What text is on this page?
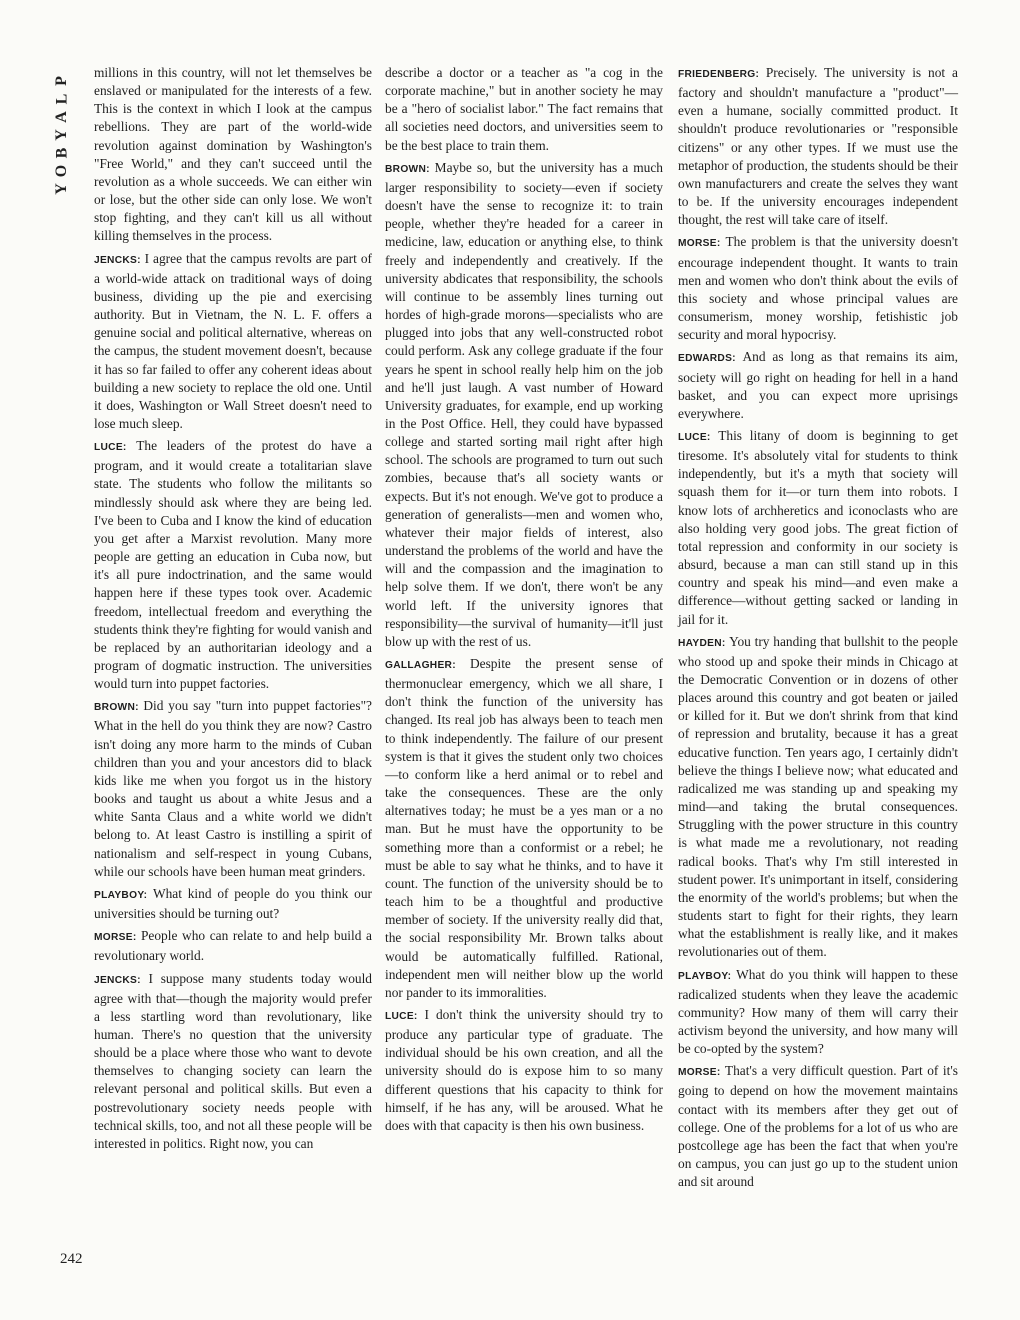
P
L
A
Y
B
O
Y

millions in this country, will not let themselves be enslaved or manipulated for the interests of a few. This is the context in which I look at the campus rebellions. They are part of the world-wide revolution against domination by Washington's "Free World," and they can't succeed until the revolution as a whole succeeds. We can either win or lose, but the other side can only lose. We won't stop fighting, and they can't kill us all without killing themselves in the process.

JENCKS: I agree that the campus revolts are part of a world-wide attack on traditional ways of doing business, dividing up the pie and exercising authority. But in Vietnam, the N. L. F. offers a genuine social and political alternative, whereas on the campus, the student movement doesn't, because it has so far failed to offer any coherent ideas about building a new society to replace the old one. Until it does, Washington or Wall Street doesn't need to lose much sleep.

LUCE: The leaders of the protest do have a program, and it would create a totalitarian slave state. The students who follow the militants so mindlessly should ask where they are being led. I've been to Cuba and I know the kind of education you get after a Marxist revolution. Many more people are getting an education in Cuba now, but it's all pure indoctrination, and the same would happen here if these types took over. Academic freedom, intellectual freedom and everything the students think they're fighting for would vanish and be replaced by an authoritarian ideology and a program of dogmatic instruction. The universities would turn into puppet factories.

BROWN: Did you say "turn into puppet factories"? What in the hell do you think they are now? Castro isn't doing any more harm to the minds of Cuban children than you and your ancestors did to black kids like me when you forgot us in the history books and taught us about a white Jesus and a white Santa Claus and a white world we didn't belong to. At least Castro is instilling a spirit of nationalism and self-respect in young Cubans, while our schools have been human meat grinders.

PLAYBOY: What kind of people do you think our universities should be turning out?

MORSE: People who can relate to and help build a revolutionary world.

JENCKS: I suppose many students today would agree with that—though the majority would prefer a less startling word than revolutionary, like human. There's no question that the university should be a place where those who want to devote themselves to changing society can learn the relevant personal and political skills. But even a postrevolutionary society needs people with technical skills, too, and not all these people will be interested in politics. Right now, you can

describe a doctor or a teacher as "a cog in the corporate machine," but in another society he may be a "hero of socialist labor." The fact remains that all societies need doctors, and universities seem to be the best place to train them.

BROWN: Maybe so, but the university has a much larger responsibility to society—even if society doesn't have the sense to recognize it: to train people, whether they're headed for a career in medicine, law, education or anything else, to think freely and independently and creatively. If the university abdicates that responsibility, the schools will continue to be assembly lines turning out hordes of high-grade morons—specialists who are plugged into jobs that any well-constructed robot could perform. Ask any college graduate if the four years he spent in school really help him on the job and he'll just laugh. A vast number of Howard University graduates, for example, end up working in the Post Office. Hell, they could have bypassed college and started sorting mail right after high school. The schools are programed to turn out such zombies, because that's all society wants or expects. But it's not enough. We've got to produce a generation of generalists—men and women who, whatever their major fields of interest, also understand the problems of the world and have the will and the compassion and the imagination to help solve them. If we don't, there won't be any world left. If the university ignores that responsibility—the survival of humanity—it'll just blow up with the rest of us.

GALLAGHER: Despite the present sense of thermonuclear emergency, which we all share, I don't think the function of the university has changed. Its real job has always been to teach men to think independently. The failure of our present system is that it gives the student only two choices—to conform like a herd animal or to rebel and take the consequences. These are the only alternatives today; he must be a yes man or a no man. But he must have the opportunity to be something more than a conformist or a rebel; he must be able to say what he thinks, and to have it count. The function of the university should be to teach him to be a thoughtful and productive member of society. If the university really did that, the social responsibility Mr. Brown talks about would be automatically fulfilled. Rational, independent men will neither blow up the world nor pander to its immoralities.

LUCE: I don't think the university should try to produce any particular type of graduate. The individual should be his own creation, and all the university should do is expose him to so many different questions that his capacity to think for himself, if he has any, will be aroused. What he does with that capacity is then his own business.

FRIEDENBERG: Precisely. The university is not a factory and shouldn't manufacture a "product"—even a humane, socially committed product. It shouldn't produce revolutionaries or "responsible citizens" or any other types. If we must use the metaphor of production, the students should be their own manufacturers and create the selves they want to be. If the university encourages independent thought, the rest will take care of itself.

MORSE: The problem is that the university doesn't encourage independent thought. It wants to train men and women who don't think about the evils of this society and whose principal values are consumerism, money worship, fetishistic job security and moral hypocrisy.

EDWARDS: And as long as that remains its aim, society will go right on heading for hell in a hand basket, and you can expect more uprisings everywhere.

LUCE: This litany of doom is beginning to get tiresome. It's absolutely vital for students to think independently, but it's a myth that society will squash them for it—or turn them into robots. I know lots of archheretics and iconoclasts who are also holding very good jobs. The great fiction of total repression and conformity in our society is absurd, because a man can still stand up in this country and speak his mind—and even make a difference—without getting sacked or landing in jail for it.

HAYDEN: You try handing that bullshit to the people who stood up and spoke their minds in Chicago at the Democratic Convention or in dozens of other places around this country and got beaten or jailed or killed for it. But we don't shrink from that kind of repression and brutality, because it has a great educative function. Ten years ago, I certainly didn't believe the things I believe now; what educated and radicalized me was standing up and speaking my mind—and taking the brutal consequences. Struggling with the power structure in this country is what made me a revolutionary, not reading radical books. That's why I'm still interested in student power. It's unimportant in itself, considering the enormity of the world's problems; but when the students start to fight for their rights, they learn what the establishment is really like, and it makes revolutionaries out of them.

PLAYBOY: What do you think will happen to these radicalized students when they leave the academic community? How many of them will carry their activism beyond the university, and how many will be co-opted by the system?

MORSE: That's a very difficult question. Part of it's going to depend on how the movement maintains contact with its members after they get out of college. One of the problems for a lot of us who are postcollege age has been the fact that when you're on campus, you can just go up to the student union and sit around

242
